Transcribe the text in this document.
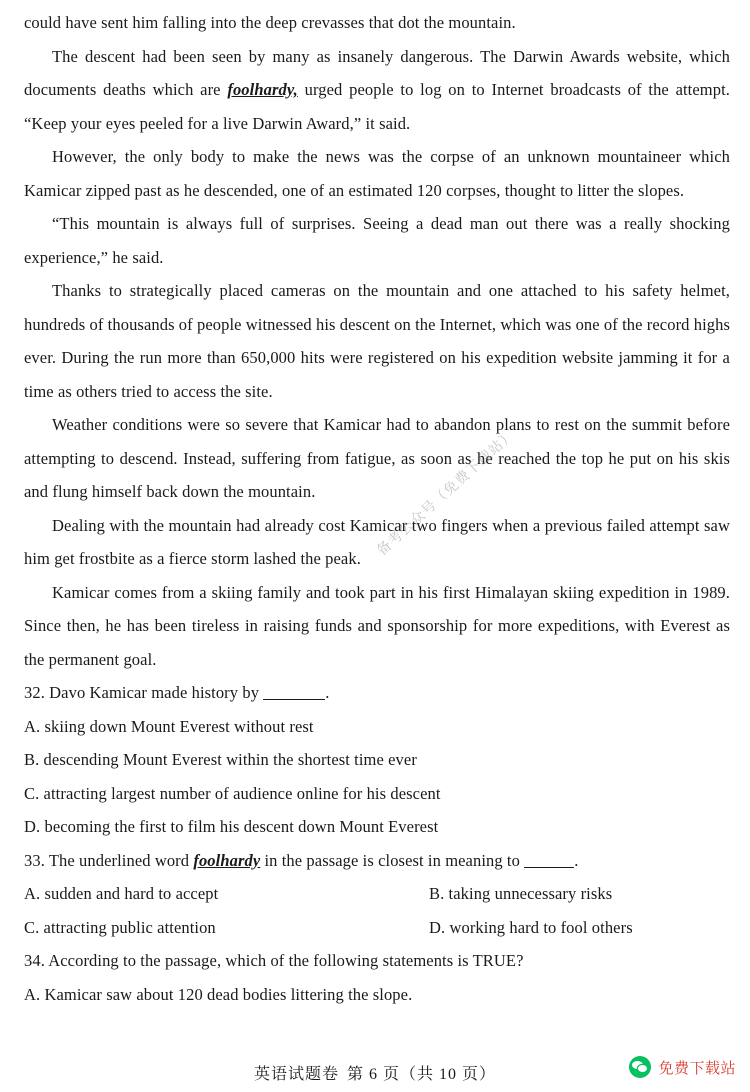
could have sent him falling into the deep crevasses that dot the mountain.

The descent had been seen by many as insanely dangerous. The Darwin Awards website, which documents deaths which are foolhardy, urged people to log on to Internet broadcasts of the attempt. “Keep your eyes peeled for a live Darwin Award,” it said.

However, the only body to make the news was the corpse of an unknown mountaineer which Kamicar zipped past as he descended, one of an estimated 120 corpses, thought to litter the slopes.

“This mountain is always full of surprises. Seeing a dead man out there was a really shocking experience,” he said.

Thanks to strategically placed cameras on the mountain and one attached to his safety helmet, hundreds of thousands of people witnessed his descent on the Internet, which was one of the record highs ever. During the run more than 650,000 hits were registered on his expedition website jamming it for a time as others tried to access the site.

Weather conditions were so severe that Kamicar had to abandon plans to rest on the summit before attempting to descend. Instead, suffering from fatigue, as soon as he reached the top he put on his skis and flung himself back down the mountain.

Dealing with the mountain had already cost Kamicar two fingers when a previous failed attempt saw him get frostbite as a fierce storm lashed the peak.

Kamicar comes from a skiing family and took part in his first Himalayan skiing expedition in 1989. Since then, he has been tireless in raising funds and sponsorship for more expeditions, with Everest as the permanent goal.

32. Davo Kamicar made history by	.
A. skiing down Mount Everest without rest
B. descending Mount Everest within the shortest time ever
C. attracting largest number of audience online for his descent
D. becoming the first to film his descent down Mount Everest
33. The underlined word foolhardy in the passage is closest in meaning to	.
A. sudden and hard to accept	B. taking unnecessary risks
C. attracting public attention	D. working hard to fool others
34. According to the passage, which of the following statements is TRUE?
A. Kamicar saw about 120 dead bodies littering the slope.
备考公众号（免费下载站）
英语试题卷 第 6 页（共 10 页）	免费下载站
